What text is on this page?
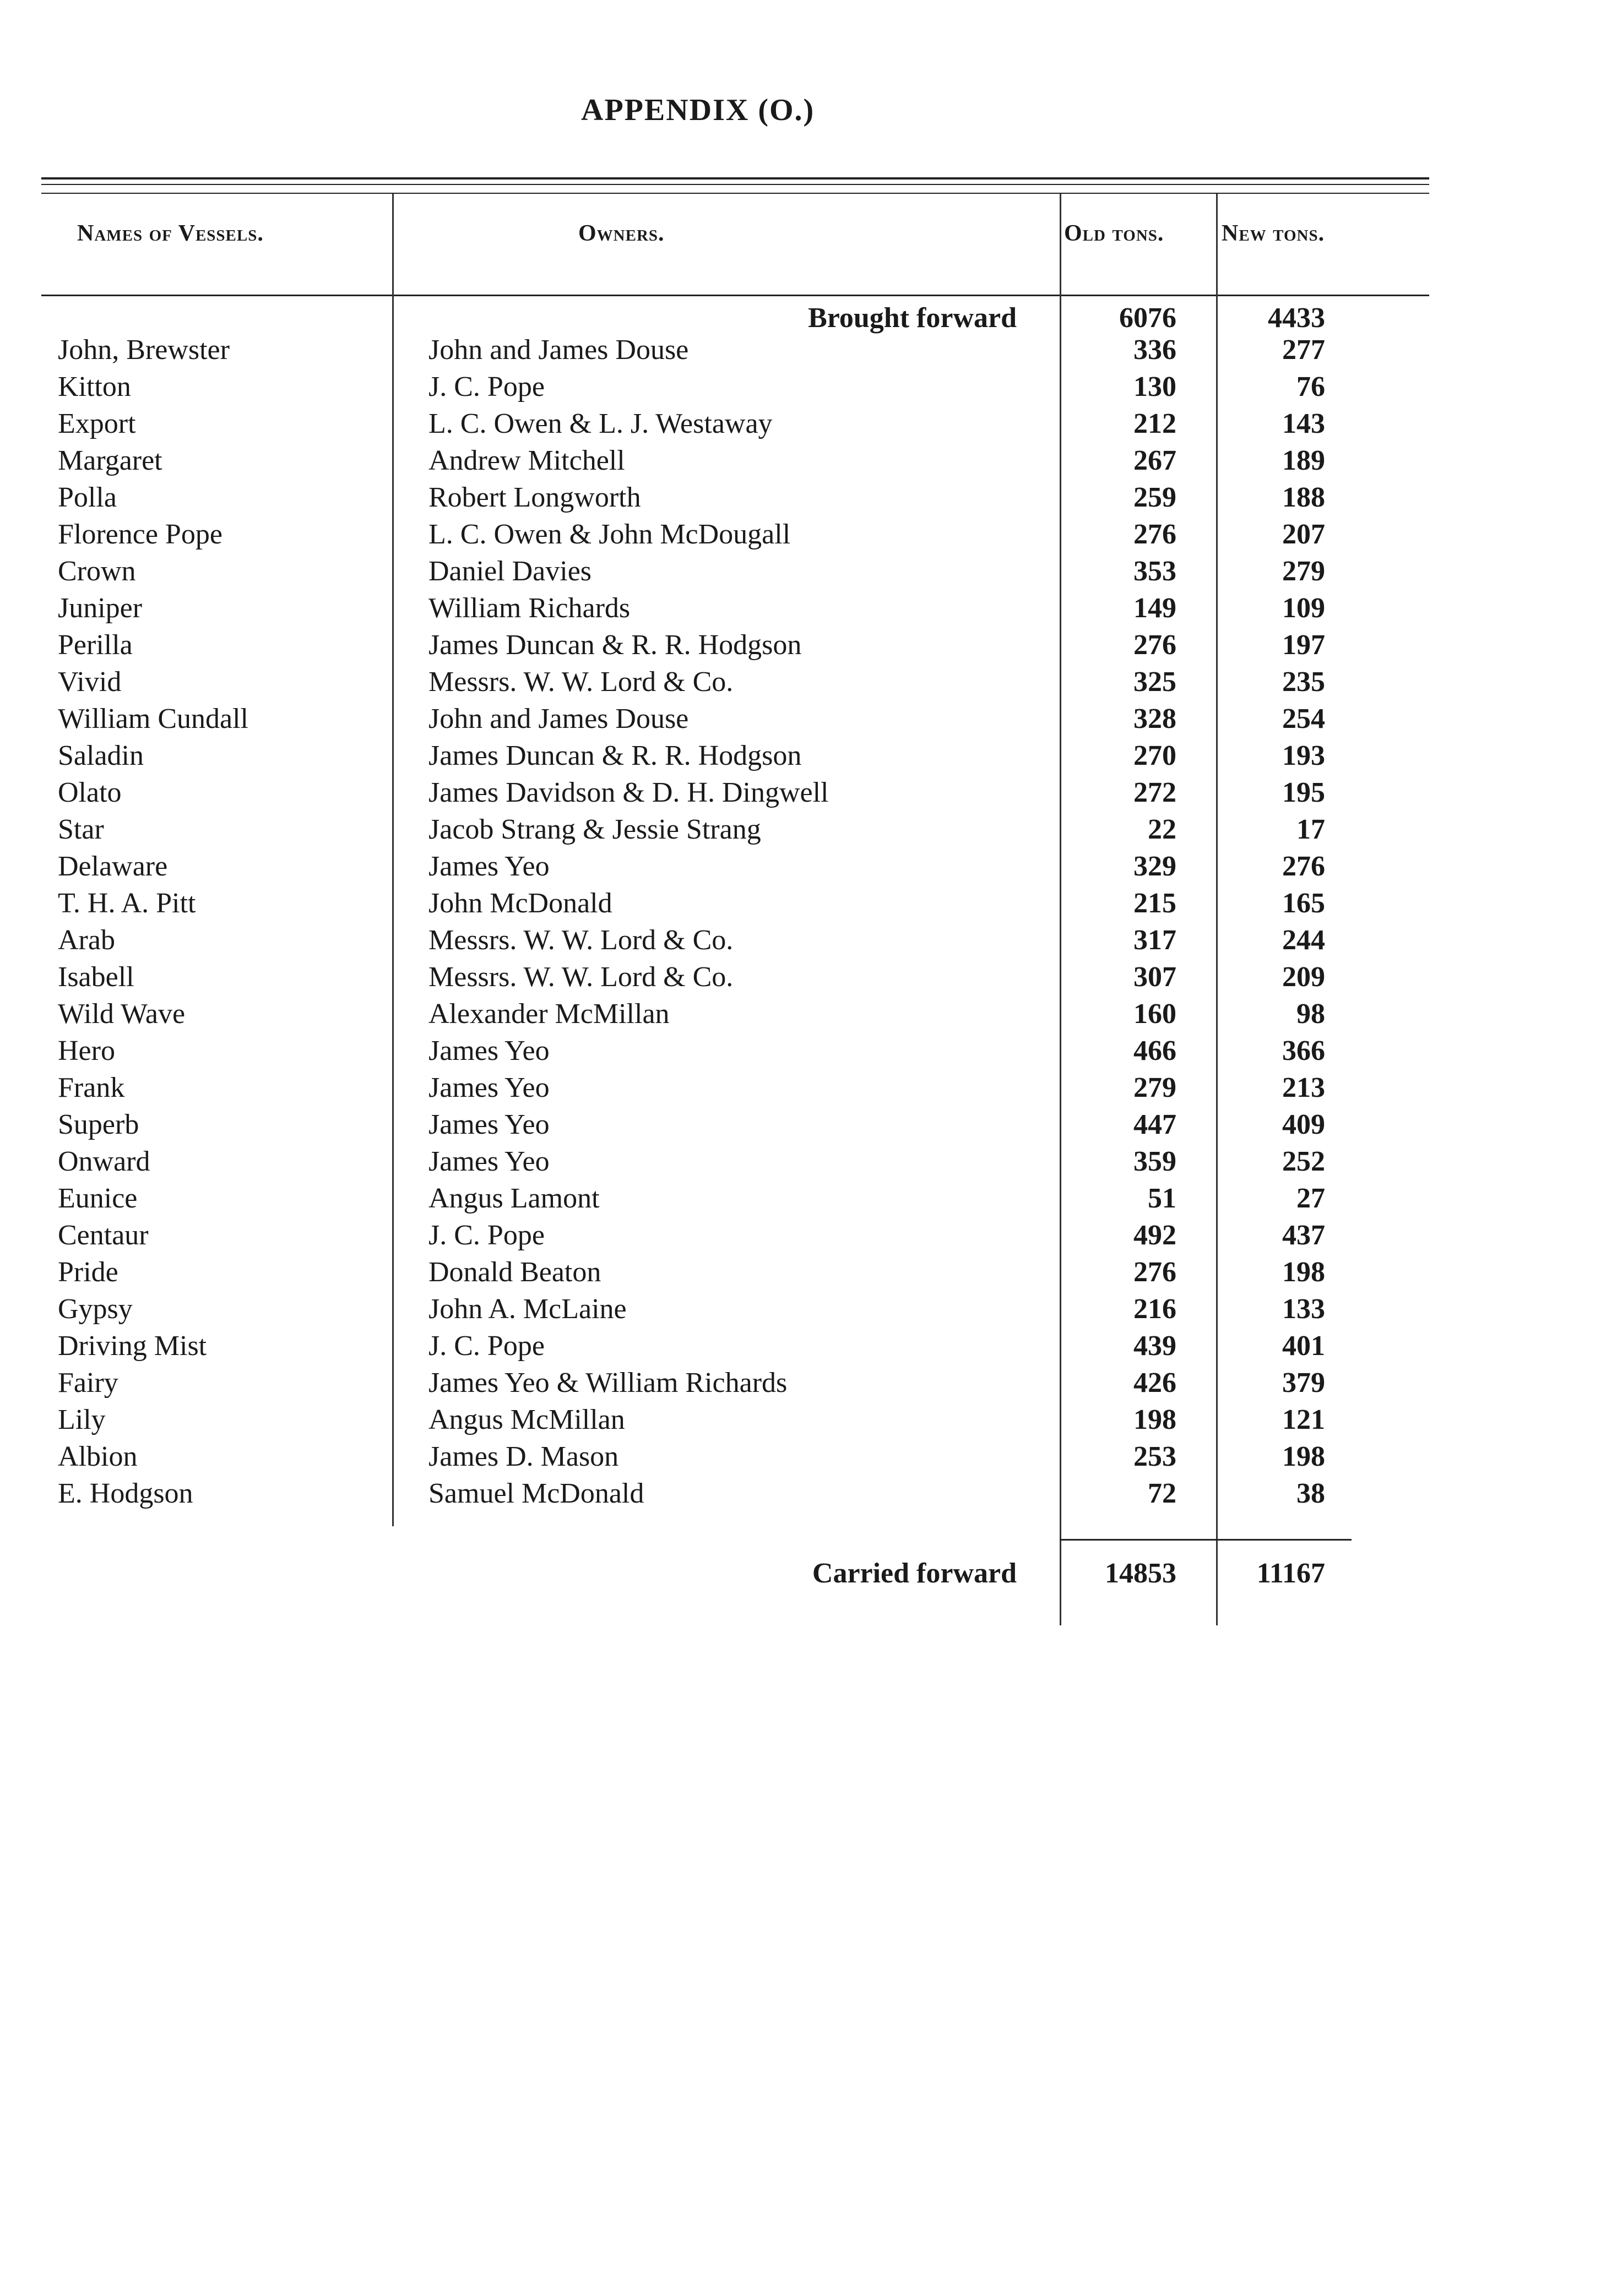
APPENDIX (O.)
Names of Vessels.	Owners.	Old tons. New tons.
Brought forward	6076	4433
John, Brewster	John and James Douse	336	277
Kitton	J. C. Pope	130	76
Export	L. C. Owen & L. J. Westaway	212	143
Margaret	Andrew Mitchell	267	189
Polla	Robert Longworth	259	188
Florence Pope	L. C. Owen & John McDougall	276	207
Crown	Daniel Davies	353	279
Juniper	William Richards	149	109
Perilla	James Duncan & R. R. Hodgson	276	197
Vivid	Messrs. W. W. Lord & Co.	325	235
William Cundall	John and James Douse	328	254
Saladin	James Duncan & R. R. Hodgson	270	193
Olato	James Davidson & D. H. Dingwell	272	195
Star	Jacob Strang & Jessie Strang	22	17
Delaware	James Yeo	329	276
T. H. A. Pitt	John McDonald	215	165
Arab	Messrs. W. W. Lord & Co.	317	244
Isabell	Messrs. W. W. Lord & Co.	307	209
Wild Wave	Alexander McMillan	160	98
Hero	James Yeo	466	366
Frank	James Yeo	279	213
Superb	James Yeo	447	409
Onward	James Yeo	359	252
Eunice	Angus Lamont	51	27
Centaur	J. C. Pope	492	437
Pride	Donald Beaton	276	198
Gypsy	John A. McLaine	216	133
Driving Mist	J. C. Pope	439	401
Fairy	James Yeo & William Richards	426	379
Lily	Angus McMillan	198	121
Albion	James D. Mason	253	198
E. Hodgson	Samuel McDonald	72	38
Carried forward	14853	11167
